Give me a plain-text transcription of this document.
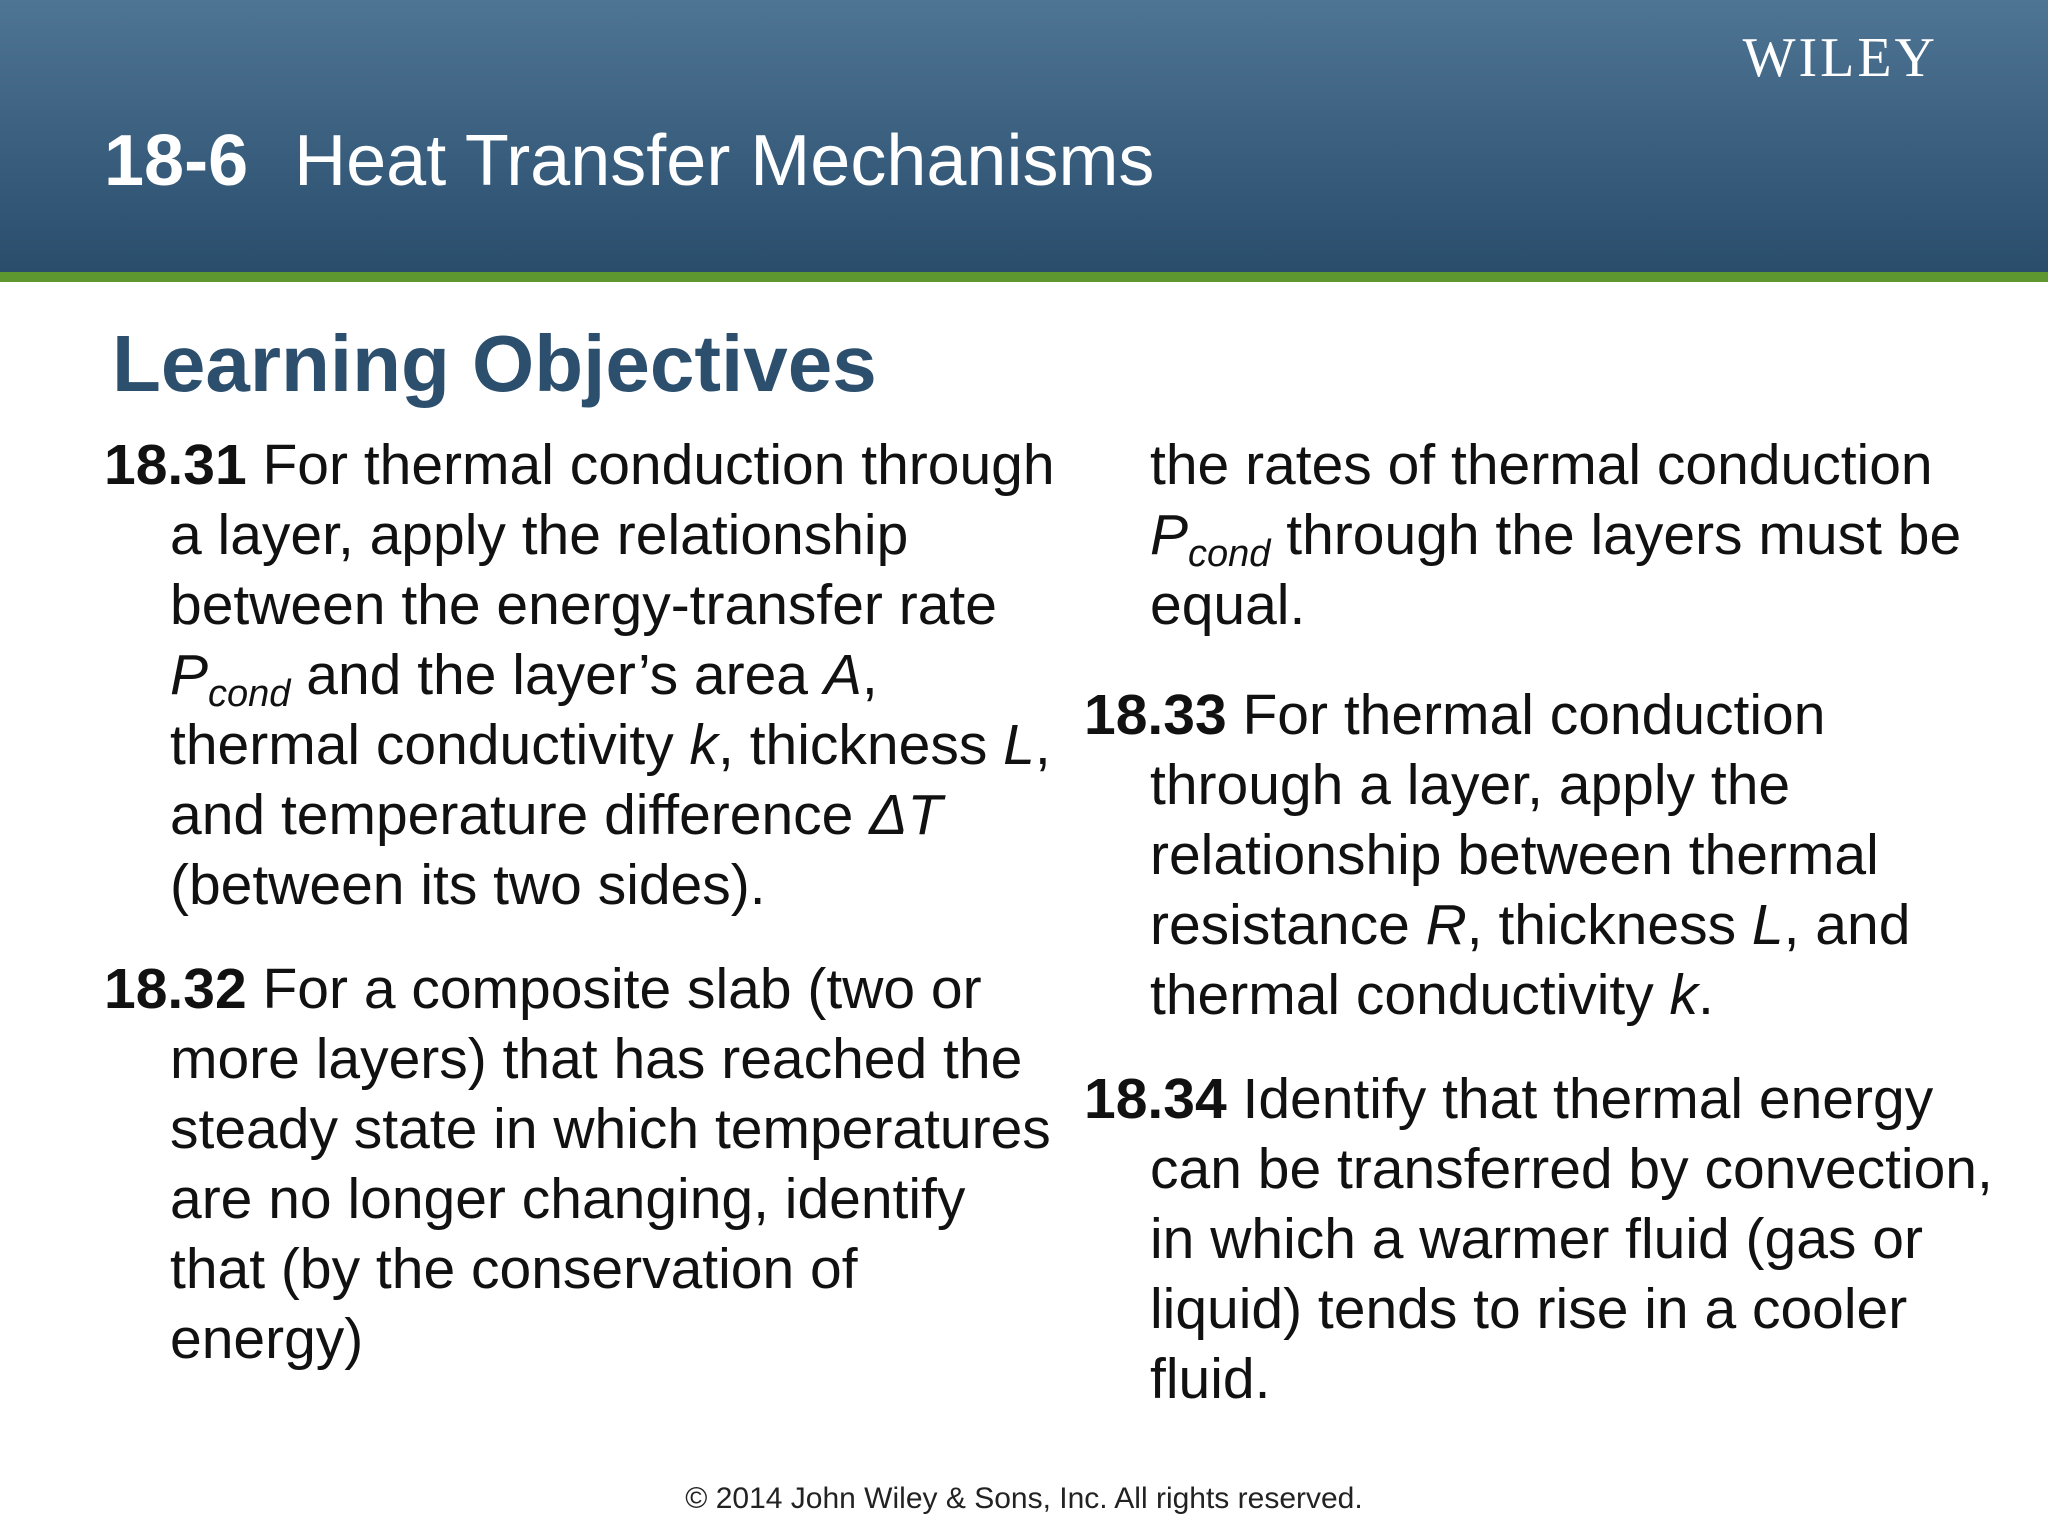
WILEY
18-6 Heat Transfer Mechanisms
Learning Objectives

18.31 For thermal conduction through a layer, apply the relationship between the energy-transfer rate $P_{cond}$ and the layer’s area A, thermal conductivity k, thickness L, and temperature difference ΔT (between its two sides).

18.32 For a composite slab (two or more layers) that has reached the steady state in which temperatures are no longer changing, identify that (by the conservation of energy)

the rates of thermal conduction $P_{cond}$ through the layers must be equal.

18.33 For thermal conduction through a layer, apply the relationship between thermal resistance R, thickness L, and thermal conductivity k.

18.34 Identify that thermal energy can be transferred by convection, in which a warmer fluid (gas or liquid) tends to rise in a cooler fluid.

© 2014 John Wiley & Sons, Inc. All rights reserved.
